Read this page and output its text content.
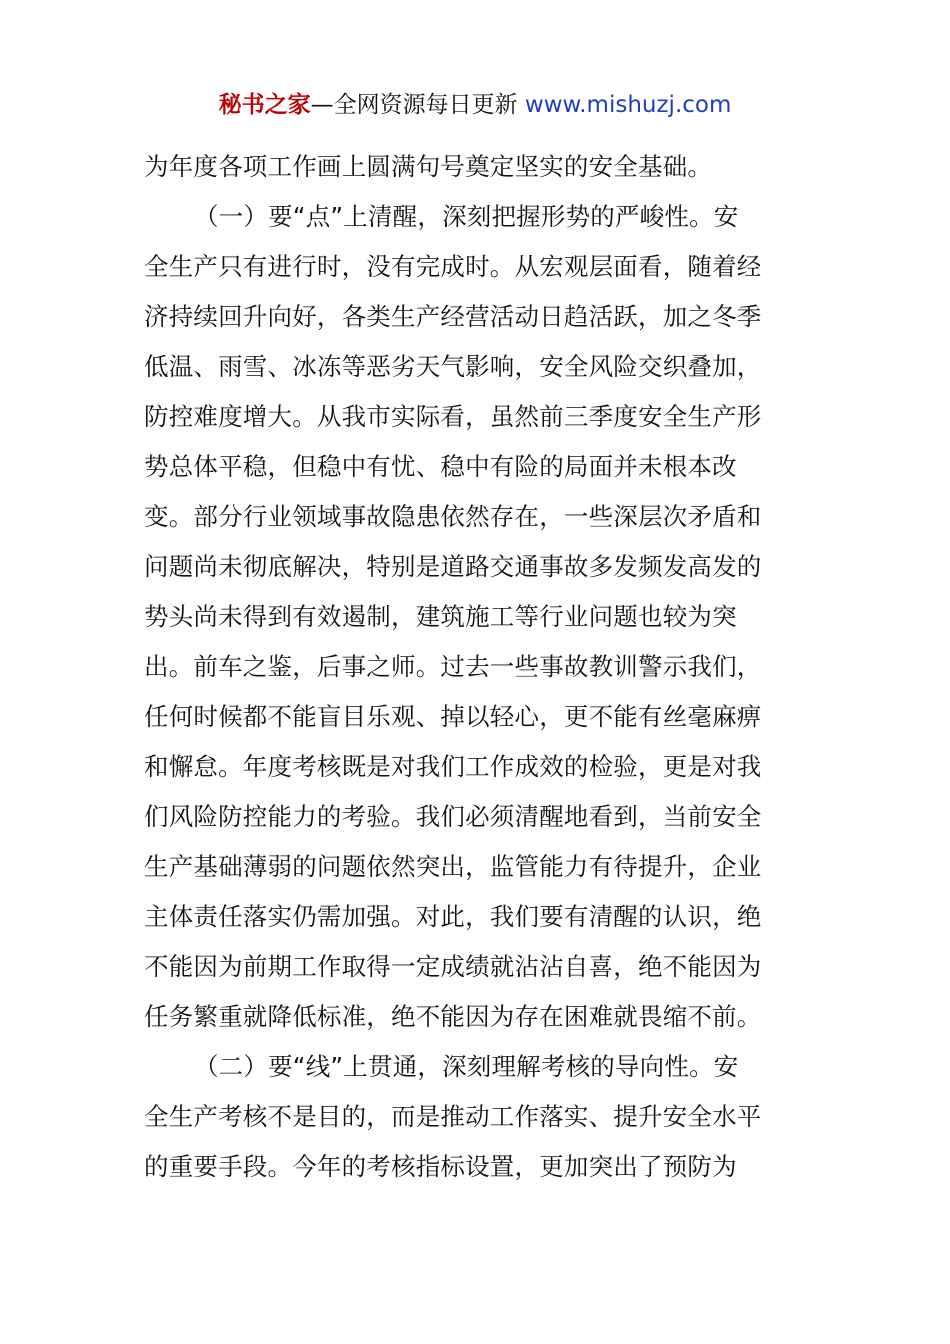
秘书之家—全网资源每日更新 www.mishuzj.com
为年度各项工作画上圆满句号奠定坚实的安全基础。
（一）要“点”上清醒，深刻把握形势的严峻性。安
全生产只有进行时，没有完成时。从宏观层面看，随着经
济持续回升向好，各类生产经营活动日趋活跃，加之冬季
低温、雨雪、冰冻等恶劣天气影响，安全风险交织叠加，
防控难度增大。从我市实际看，虽然前三季度安全生产形
势总体平稳，但稳中有忧、稳中有险的局面并未根本改
变。部分行业领域事故隐患依然存在，一些深层次矛盾和
问题尚未彻底解决，特别是道路交通事故多发频发高发的
势头尚未得到有效遏制，建筑施工等行业问题也较为突
出。前车之鉴，后事之师。过去一些事故教训警示我们，
任何时候都不能盲目乐观、掉以轻心，更不能有丝毫麻痹
和懈怠。年度考核既是对我们工作成效的检验，更是对我
们风险防控能力的考验。我们必须清醒地看到，当前安全
生产基础薄弱的问题依然突出，监管能力有待提升，企业
主体责任落实仍需加强。对此，我们要有清醒的认识，绝
不能因为前期工作取得一定成绩就沾沾自喜，绝不能因为
任务繁重就降低标准，绝不能因为存在困难就畏缩不前。
（二）要“线”上贯通，深刻理解考核的导向性。安
全生产考核不是目的，而是推动工作落实、提升安全水平
的重要手段。今年的考核指标设置，更加突出了预防为
